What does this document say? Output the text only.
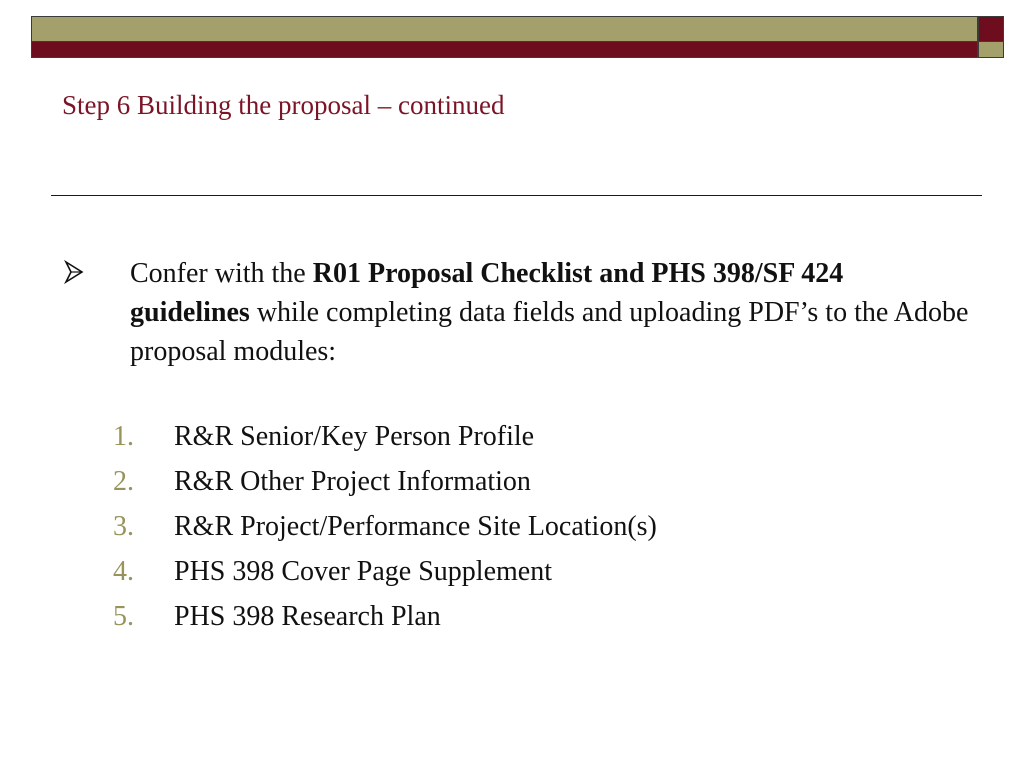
Step 6 Building the proposal – continued
Confer with the R01 Proposal Checklist and PHS 398/SF 424 guidelines while completing data fields and uploading PDF’s to the Adobe proposal modules:
1. R&R Senior/Key Person Profile
2. R&R Other Project Information
3. R&R Project/Performance Site Location(s)
4. PHS 398 Cover Page Supplement
5. PHS 398 Research Plan
